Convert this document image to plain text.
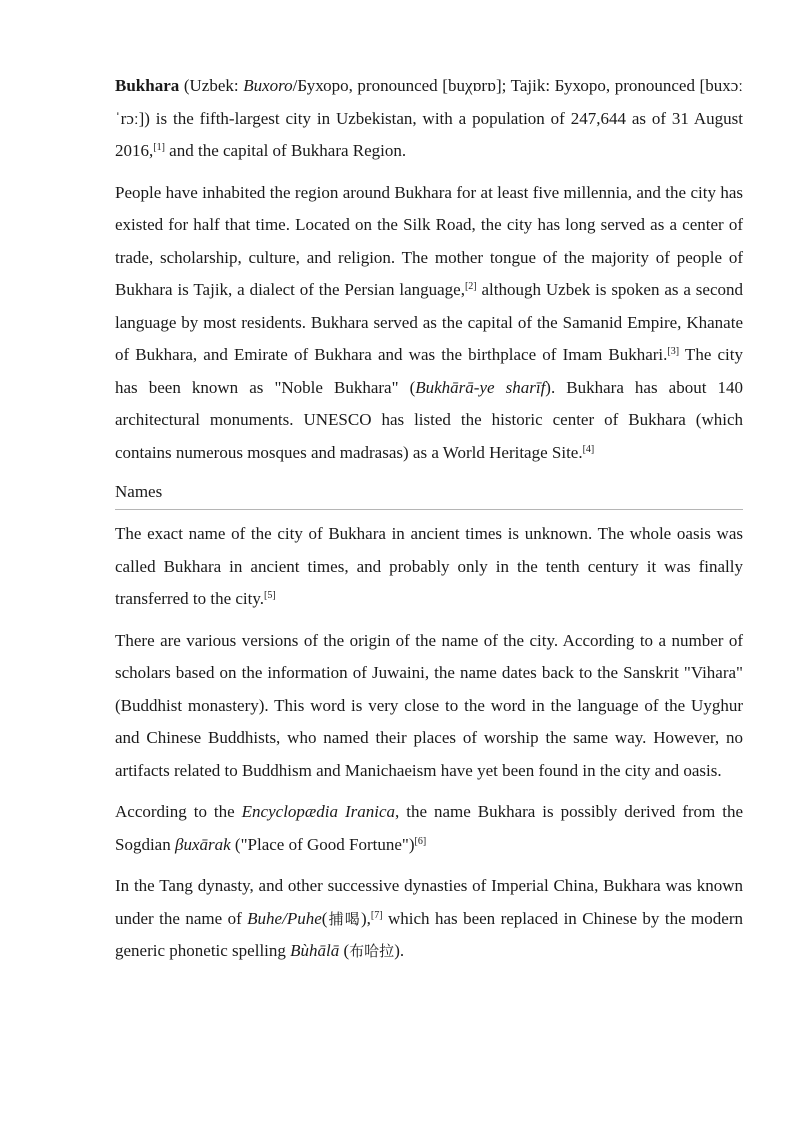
Bukhara (Uzbek: Buxoro/Бухоро, pronounced [buχɒrɒ]; Tajik: Бухоро, pronounced [buxɔːˈrɔː]) is the fifth-largest city in Uzbekistan, with a population of 247,644 as of 31 August 2016,[1] and the capital of Bukhara Region.

People have inhabited the region around Bukhara for at least five millennia, and the city has existed for half that time. Located on the Silk Road, the city has long served as a center of trade, scholarship, culture, and religion. The mother tongue of the majority of people of Bukhara is Tajik, a dialect of the Persian language,[2] although Uzbek is spoken as a second language by most residents. Bukhara served as the capital of the Samanid Empire, Khanate of Bukhara, and Emirate of Bukhara and was the birthplace of Imam Bukhari.[3] The city has been known as "Noble Bukhara" (Bukhārā-ye sharīf). Bukhara has about 140 architectural monuments. UNESCO has listed the historic center of Bukhara (which contains numerous mosques and madrasas) as a World Heritage Site.[4]

Names

The exact name of the city of Bukhara in ancient times is unknown. The whole oasis was called Bukhara in ancient times, and probably only in the tenth century it was finally transferred to the city.[5]

There are various versions of the origin of the name of the city. According to a number of scholars based on the information of Juwaini, the name dates back to the Sanskrit "Vihara" (Buddhist monastery). This word is very close to the word in the language of the Uyghur and Chinese Buddhists, who named their places of worship the same way. However, no artifacts related to Buddhism and Manichaeism have yet been found in the city and oasis.

According to the Encyclopædia Iranica, the name Bukhara is possibly derived from the Sogdian βuxārak ("Place of Good Fortune")[6]

In the Tang dynasty, and other successive dynasties of Imperial China, Bukhara was known under the name of Buhe/Puhe(捕喝),[7] which has been replaced in Chinese by the modern generic phonetic spelling Bùhālā (布哈拉).
